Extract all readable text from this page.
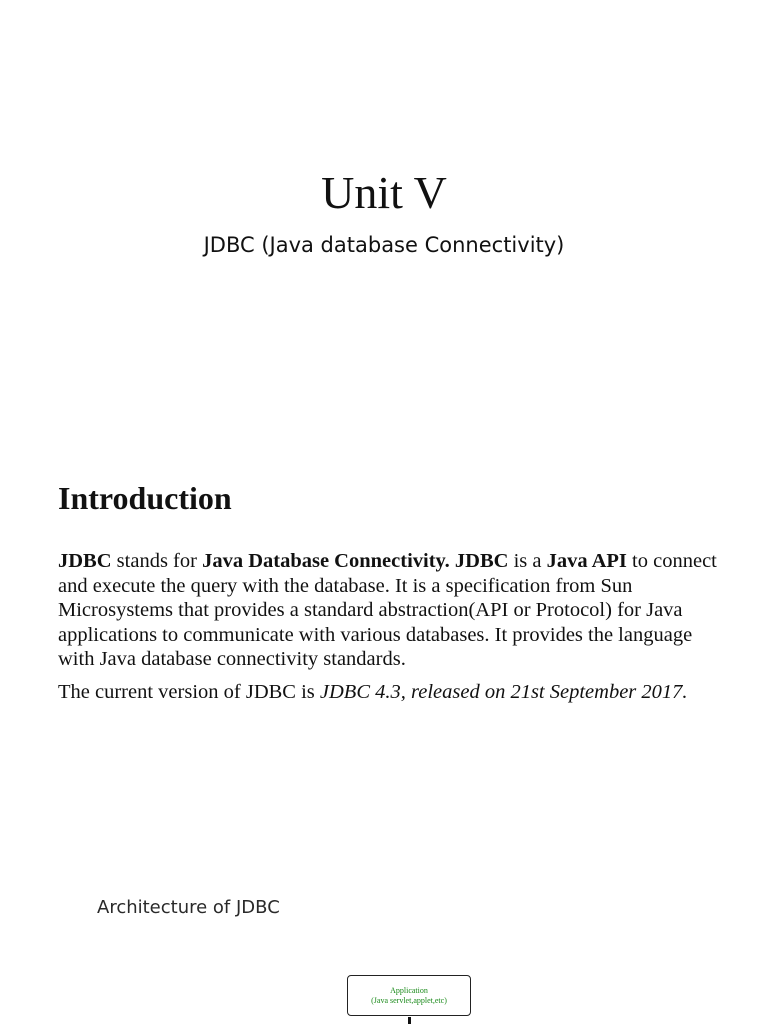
Unit V
JDBC (Java database Connectivity)
Introduction

JDBC stands for Java Database Connectivity. JDBC is a Java API to connect and execute the query with the database. It is a specification from Sun Microsystems that provides a standard abstraction(API or Protocol) for Java applications to communicate with various databases. It provides the language with Java database connectivity standards.

The current version of JDBC is JDBC 4.3, released on 21st September 2017.

Architecture of JDBC
Application
(Java servlet,applet,etc)
